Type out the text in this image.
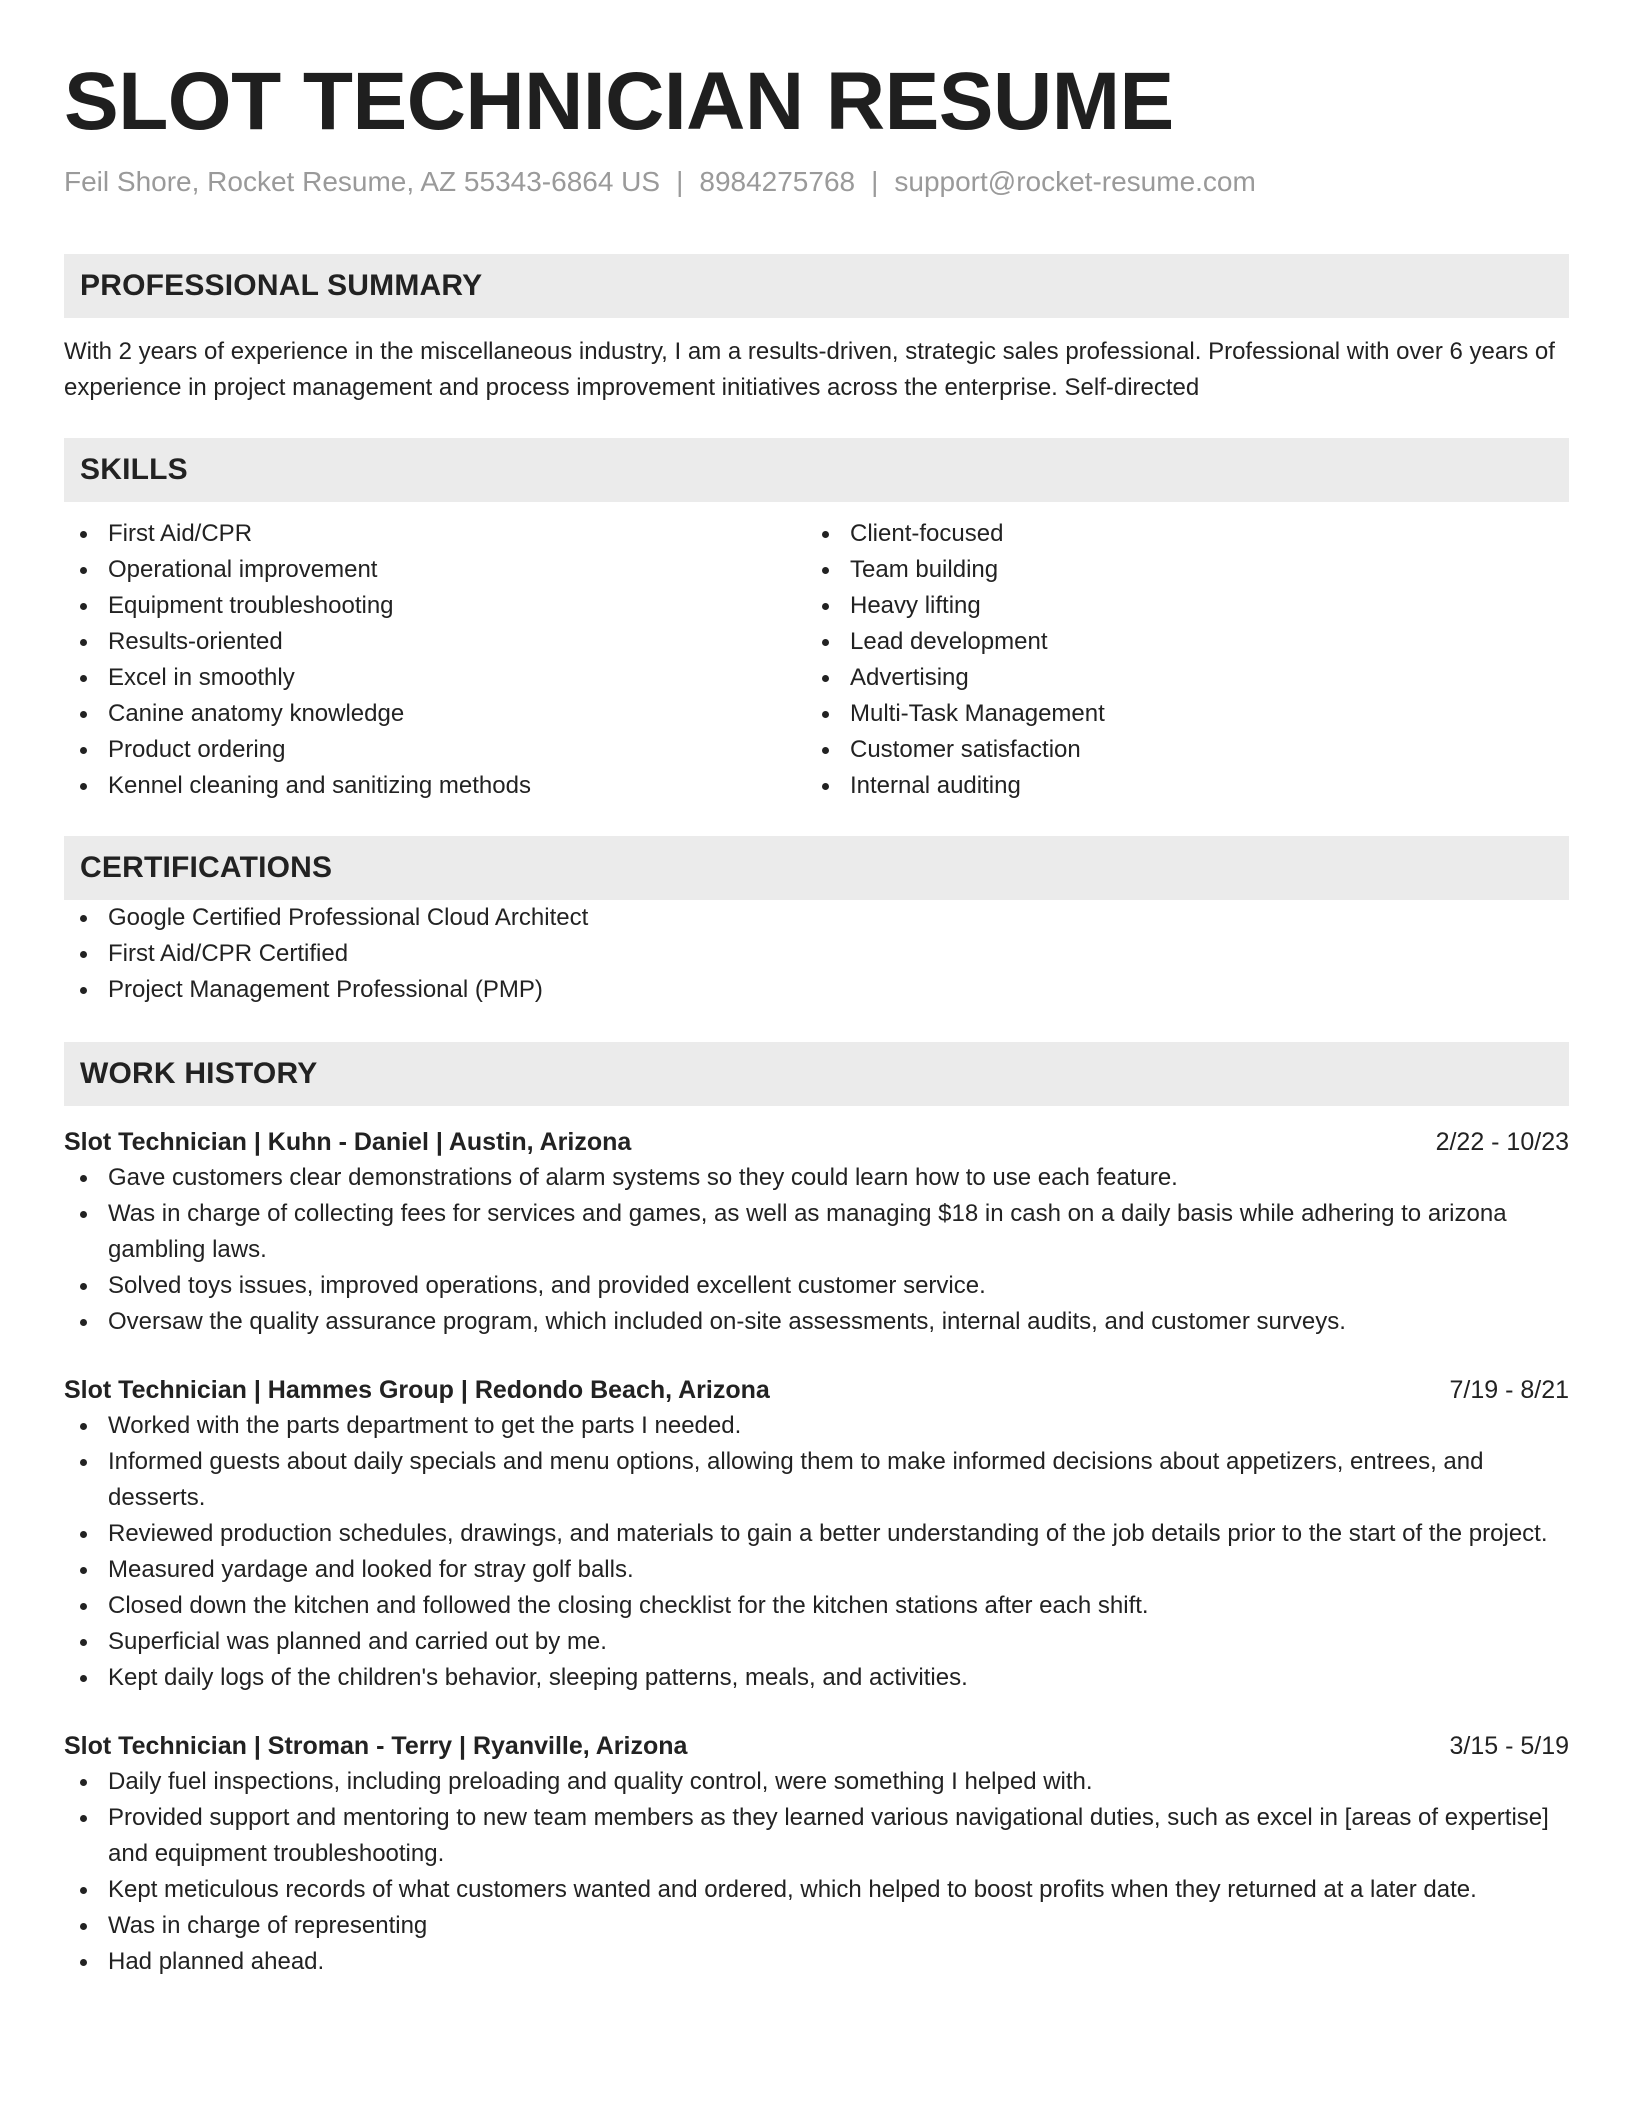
SLOT TECHNICIAN RESUME
Feil Shore, Rocket Resume, AZ 55343-6864 US | 8984275768 | support@rocket-resume.com
PROFESSIONAL SUMMARY
With 2 years of experience in the miscellaneous industry, I am a results-driven, strategic sales professional. Professional with over 6 years of experience in project management and process improvement initiatives across the enterprise. Self-directed
SKILLS
First Aid/CPR
Operational improvement
Equipment troubleshooting
Results-oriented
Excel in smoothly
Canine anatomy knowledge
Product ordering
Kennel cleaning and sanitizing methods
Client-focused
Team building
Heavy lifting
Lead development
Advertising
Multi-Task Management
Customer satisfaction
Internal auditing
CERTIFICATIONS
Google Certified Professional Cloud Architect
First Aid/CPR Certified
Project Management Professional (PMP)
WORK HISTORY
Slot Technician | Kuhn - Daniel | Austin, Arizona	2/22 - 10/23
Gave customers clear demonstrations of alarm systems so they could learn how to use each feature.
Was in charge of collecting fees for services and games, as well as managing $18 in cash on a daily basis while adhering to arizona gambling laws.
Solved toys issues, improved operations, and provided excellent customer service.
Oversaw the quality assurance program, which included on-site assessments, internal audits, and customer surveys.
Slot Technician | Hammes Group | Redondo Beach, Arizona	7/19 - 8/21
Worked with the parts department to get the parts I needed.
Informed guests about daily specials and menu options, allowing them to make informed decisions about appetizers, entrees, and desserts.
Reviewed production schedules, drawings, and materials to gain a better understanding of the job details prior to the start of the project.
Measured yardage and looked for stray golf balls.
Closed down the kitchen and followed the closing checklist for the kitchen stations after each shift.
Superficial was planned and carried out by me.
Kept daily logs of the children's behavior, sleeping patterns, meals, and activities.
Slot Technician | Stroman - Terry | Ryanville, Arizona	3/15 - 5/19
Daily fuel inspections, including preloading and quality control, were something I helped with.
Provided support and mentoring to new team members as they learned various navigational duties, such as excel in [areas of expertise] and equipment troubleshooting.
Kept meticulous records of what customers wanted and ordered, which helped to boost profits when they returned at a later date.
Was in charge of representing
Had planned ahead.
